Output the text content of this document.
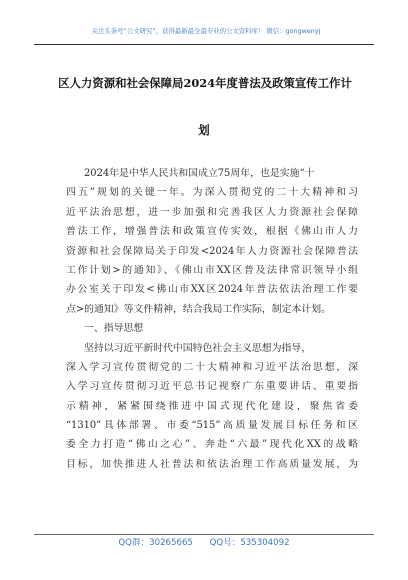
关注头条号“公文研究”，获得最新最全最专业的公文资料库！ 微信：gongwenyj
区人力资源和社会保障局2024年度普法及政策宣传工作计
划
2024年是中华人民共和国成立75周年，也是实施“十
四五”规划的关键一年。为深入贯彻党的二十大精神和习
近平法治思想，进一步加强和完善我区人力资源社会保障
普法工作，增强普法和政策宣传实效，根据《佛山市人力
资源和社会保障局关于印发<2024年人力资源社会保障普法
工作计划>的通知》、《佛山市XX区普及法律常识领导小组
办公室关于印发<佛山市XX区2024年普法依法治理工作要
点>的通知》等文件精神，结合我局工作实际，制定本计划。
一、指导思想
坚持以习近平新时代中国特色社会主义思想为指导，
深入学习宣传贯彻党的二十大精神和习近平法治思想，深
入学习宣传贯彻习近平总书记视察广东重要讲话、重要指
示精神，紧紧围绕推进中国式现代化建设，聚焦省委
“1310”具体部署、市委“515”高质量发展目标任务和区
委全力打造“佛山之心”、奔赴“六最”现代化XX的战略
目标，加快推进人社普法和依法治理工作高质量发展，为
QQ群：30265665 QQ号：535304092
